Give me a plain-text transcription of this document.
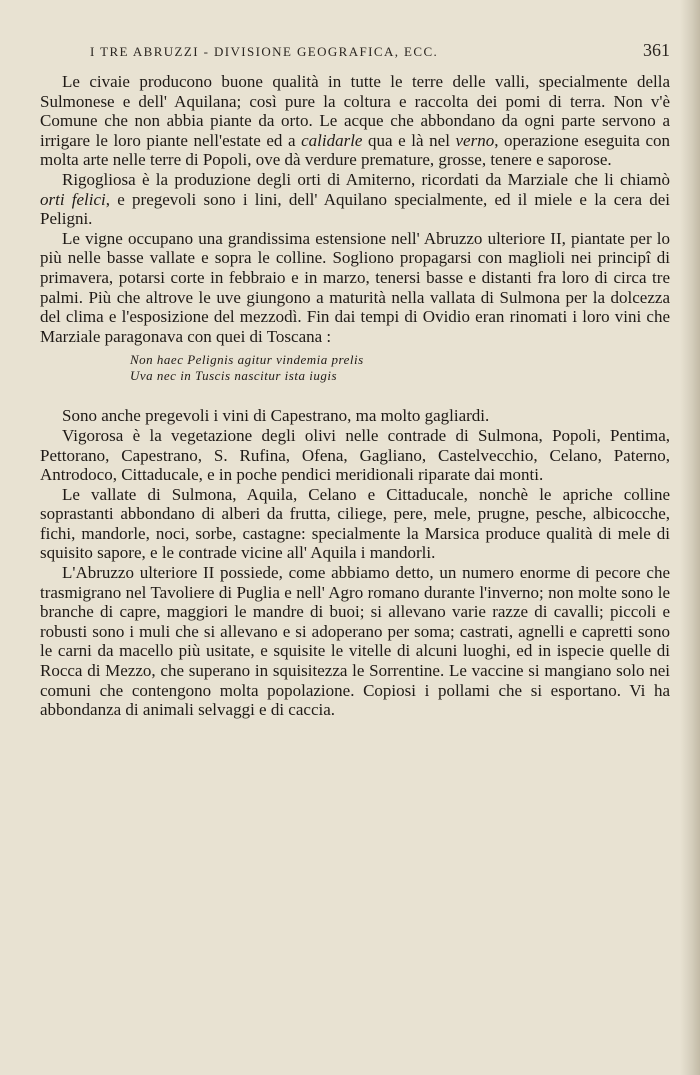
I TRE ABRUZZI - DIVISIONE GEOGRAFICA, ECC.	361

Le civaie producono buone qualità in tutte le terre delle valli, specialmente della Sulmonese e dell' Aquilana; così pure la coltura e raccolta dei pomi di terra. Non v'è Comune che non abbia piante da orto. Le acque che abbondano da ogni parte servono a irrigare le loro piante nell'estate ed a calidarle qua e là nel verno, operazione eseguita con molta arte nelle terre di Popoli, ove dà verdure premature, grosse, tenere e saporose.

Rigogliosa è la produzione degli orti di Amiterno, ricordati da Marziale che li chiamò orti felici, e pregevoli sono i lini, dell' Aquilano specialmente, ed il miele e la cera dei Peligni.

Le vigne occupano una grandissima estensione nell' Abruzzo ulteriore II, piantate per lo più nelle basse vallate e sopra le colline. Sogliono propagarsi con maglioli nei principî di primavera, potarsi corte in febbraio e in marzo, tenersi basse e distanti fra loro di circa tre palmi. Più che altrove le uve giungono a maturità nella vallata di Sulmona per la dolcezza del clima e l'esposizione del mezzodì. Fin dai tempi di Ovidio eran rinomati i loro vini che Marziale paragonava con quei di Toscana :

Non haec Pelignis agitur vindemia prelis
Uva nec in Tuscis nascitur ista iugis

Sono anche pregevoli i vini di Capestrano, ma molto gagliardi.

Vigorosa è la vegetazione degli olivi nelle contrade di Sulmona, Popoli, Pentima, Pettorano, Capestrano, S. Rufina, Ofena, Gagliano, Castelvecchio, Celano, Paterno, Antrodoco, Cittaducale, e in poche pendici meridionali riparate dai monti.

Le vallate di Sulmona, Aquila, Celano e Cittaducale, nonchè le apriche colline soprastanti abbondano di alberi da frutta, ciliege, pere, mele, prugne, pesche, albicocche, fichi, mandorle, noci, sorbe, castagne: specialmente la Marsica produce qualità di mele di squisito sapore, e le contrade vicine all' Aquila i mandorli.

L'Abruzzo ulteriore II possiede, come abbiamo detto, un numero enorme di pecore che trasmigrano nel Tavoliere di Puglia e nell' Agro romano durante l'inverno; non molte sono le branche di capre, maggiori le mandre di buoi; si allevano varie razze di cavalli; piccoli e robusti sono i muli che si allevano e si adoperano per soma; castrati, agnelli e capretti sono le carni da macello più usitate, e squisite le vitelle di alcuni luoghi, ed in ispecie quelle di Rocca di Mezzo, che superano in squisitezza le Sorrentine. Le vaccine si mangiano solo nei comuni che contengono molta popolazione. Copiosi i pollami che si esportano. Vi ha abbondanza di animali selvaggi e di caccia.
